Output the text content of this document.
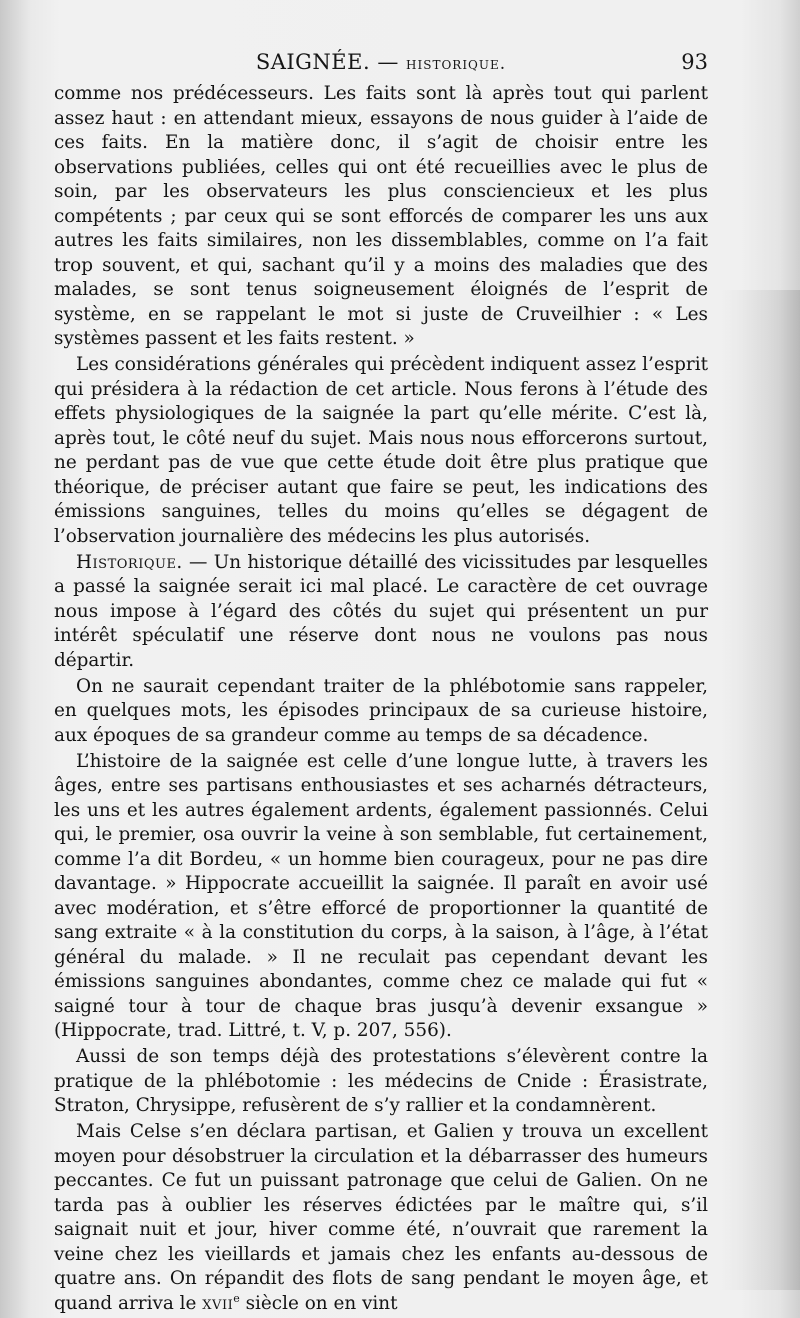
SAIGNÉE. — historique.	93

comme nos prédécesseurs. Les faits sont là après tout qui parlent assez haut : en attendant mieux, essayons de nous guider à l’aide de ces faits. En la matière donc, il s’agit de choisir entre les observations publiées, celles qui ont été recueillies avec le plus de soin, par les observateurs les plus consciencieux et les plus compétents ; par ceux qui se sont efforcés de comparer les uns aux autres les faits similaires, non les dissemblables, comme on l’a fait trop souvent, et qui, sachant qu’il y a moins des maladies que des malades, se sont tenus soigneusement éloignés de l’esprit de système, en se rappelant le mot si juste de Cruveilhier : « Les systèmes passent et les faits restent. »

Les considérations générales qui précèdent indiquent assez l’esprit qui présidera à la rédaction de cet article. Nous ferons à l’étude des effets physiologiques de la saignée la part qu’elle mérite. C’est là, après tout, le côté neuf du sujet. Mais nous nous efforcerons surtout, ne perdant pas de vue que cette étude doit être plus pratique que théorique, de préciser autant que faire se peut, les indications des émissions sanguines, telles du moins qu’elles se dégagent de l’observation journalière des médecins les plus autorisés.

Historique. — Un historique détaillé des vicissitudes par lesquelles a passé la saignée serait ici mal placé. Le caractère de cet ouvrage nous impose à l’égard des côtés du sujet qui présentent un pur intérêt spéculatif une réserve dont nous ne voulons pas nous départir.

On ne saurait cependant traiter de la phlébotomie sans rappeler, en quelques mots, les épisodes principaux de sa curieuse histoire, aux époques de sa grandeur comme au temps de sa décadence.

L’histoire de la saignée est celle d’une longue lutte, à travers les âges, entre ses partisans enthousiastes et ses acharnés détracteurs, les uns et les autres également ardents, également passionnés. Celui qui, le premier, osa ouvrir la veine à son semblable, fut certainement, comme l’a dit Bordeu, « un homme bien courageux, pour ne pas dire davantage. » Hippocrate accueillit la saignée. Il paraît en avoir usé avec modération, et s’être efforcé de proportionner la quantité de sang extraite « à la constitution du corps, à la saison, à l’âge, à l’état général du malade. » Il ne reculait pas cependant devant les émissions sanguines abondantes, comme chez ce malade qui fut « saigné tour à tour de chaque bras jusqu’à devenir exsangue » (Hippocrate, trad. Littré, t. V, p. 207, 556).

Aussi de son temps déjà des protestations s’élevèrent contre la pratique de la phlébotomie : les médecins de Cnide : Érasistrate, Straton, Chrysippe, refusèrent de s’y rallier et la condamnèrent.

Mais Celse s’en déclara partisan, et Galien y trouva un excellent moyen pour désobstruer la circulation et la débarrasser des humeurs peccantes. Ce fut un puissant patronage que celui de Galien. On ne tarda pas à oublier les réserves édictées par le maître qui, s’il saignait nuit et jour, hiver comme été, n’ouvrait que rarement la veine chez les vieillards et jamais chez les enfants au-dessous de quatre ans. On répandit des flots de sang pendant le moyen âge, et quand arriva le xvii$^e$ siècle on en vint
